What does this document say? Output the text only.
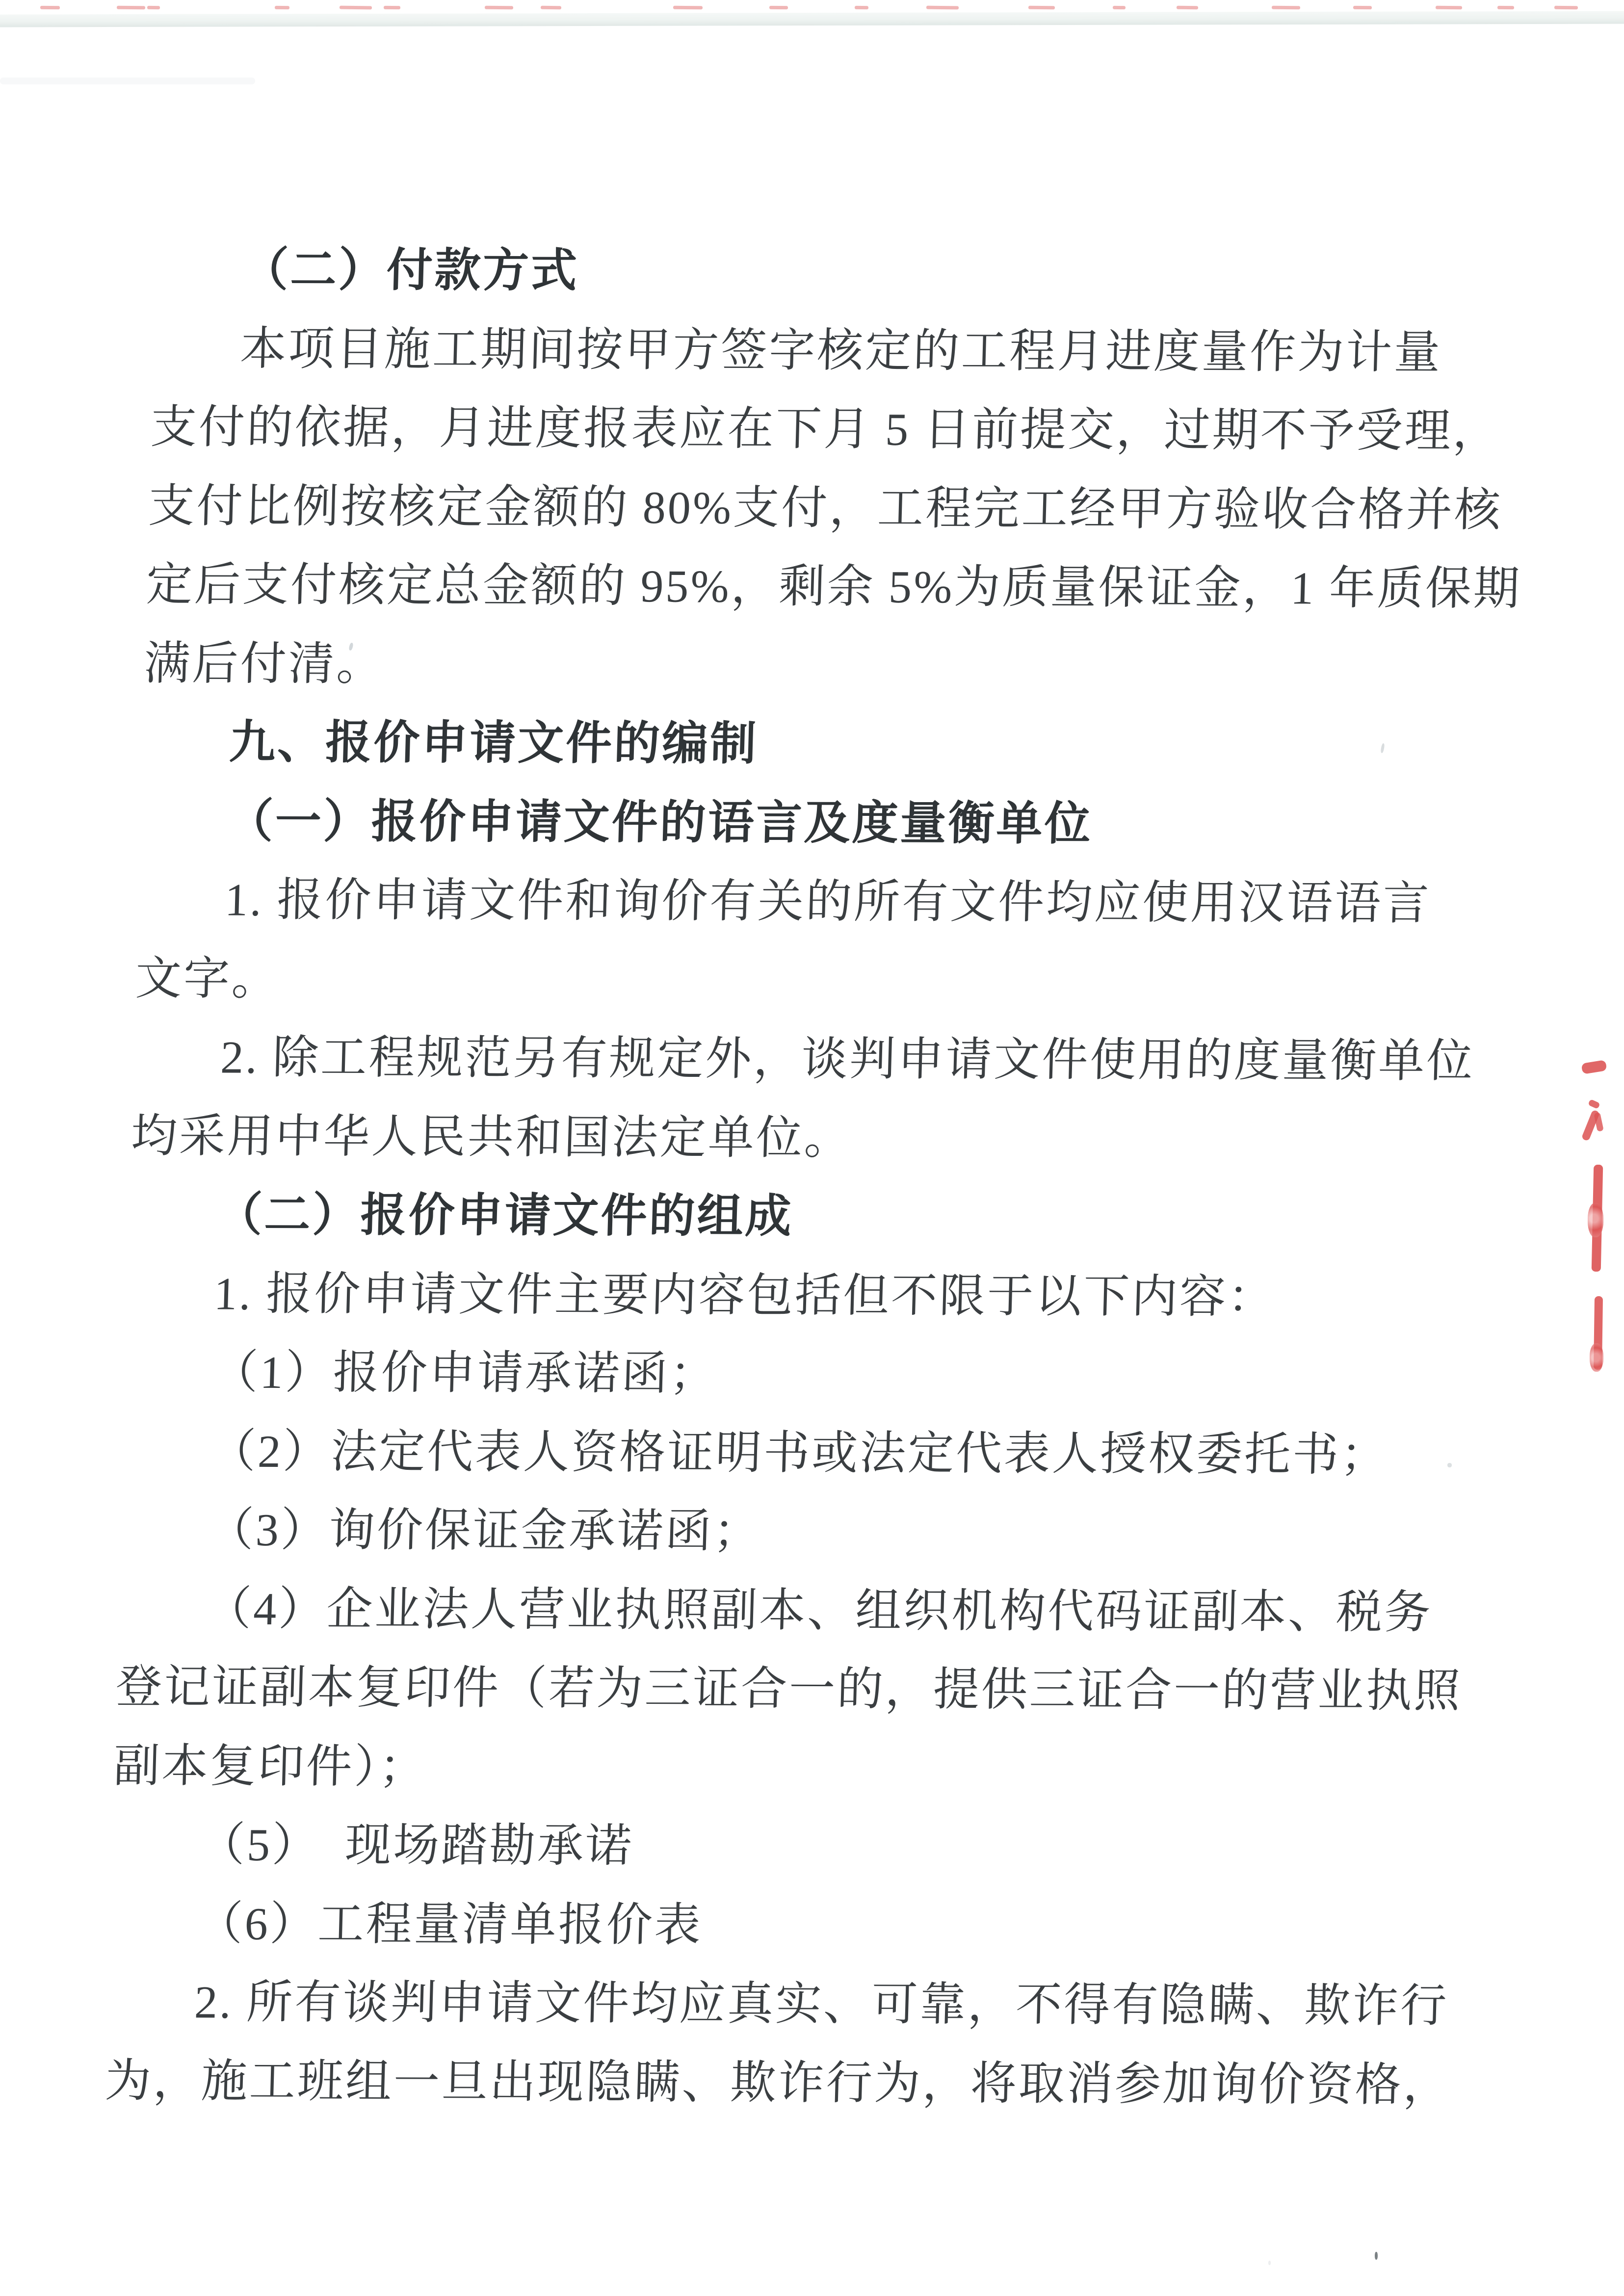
（二）付款方式
本项目施工期间按甲方签字核定的工程月进度量作为计量
支付的依据，月进度报表应在下月 5 日前提交，过期不予受理，
支付比例按核定金额的 80%支付，工程完工经甲方验收合格并核
定后支付核定总金额的 95%，剩余 5%为质量保证金，1 年质保期
满后付清。
九、报价申请文件的编制
（一）报价申请文件的语言及度量衡单位
1. 报价申请文件和询价有关的所有文件均应使用汉语语言
文字。
2. 除工程规范另有规定外，谈判申请文件使用的度量衡单位
均采用中华人民共和国法定单位。
（二）报价申请文件的组成
1. 报价申请文件主要内容包括但不限于以下内容：
（1）报价申请承诺函；
（2）法定代表人资格证明书或法定代表人授权委托书；
（3）询价保证金承诺函；
（4）企业法人营业执照副本、组织机构代码证副本、税务
登记证副本复印件（若为三证合一的，提供三证合一的营业执照
副本复印件）；
（5）　现场踏勘承诺
（6）工程量清单报价表
2. 所有谈判申请文件均应真实、可靠，不得有隐瞒、欺诈行
为，施工班组一旦出现隐瞒、欺诈行为，将取消参加询价资格，
